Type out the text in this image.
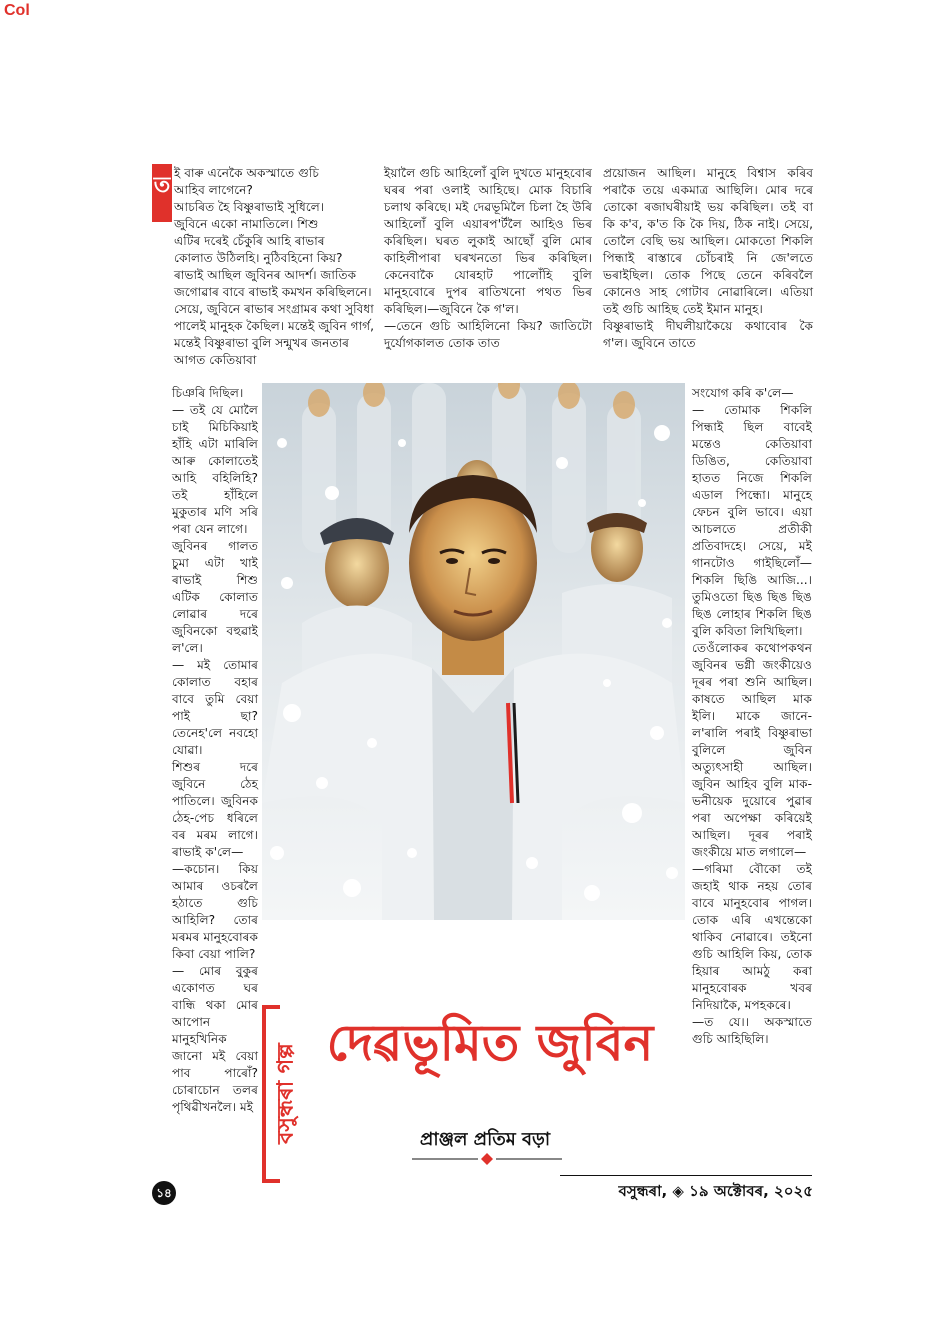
Col
ত ই বাৰু এনেকৈ অকস্মাতে গুচি
আহিব লাগেনে?
আচৰিত হৈ বিষ্ণুৰাভাই সুধিলে।
জুবিনে একো নামাতিলে। শিশু
এটিৰ দৰেই চেঁকুৰি আহি ৰাভাৰ
কোলাত উঠিলহি। নুঠিবহিনো কিয়?
ৰাভাই আছিল জুবিনৰ আদৰ্শ। জাতিক
জগোৱাৰ বাবে ৰাভাই কমখন কৰিছিলনে।
সেয়ে, জুবিনে ৰাভাৰ সংগ্ৰামৰ কথা সুবিধা
পালেই মানুহক কৈছিল। মন্তেই জুবিন গাৰ্গ,
মন্তেই বিষ্ণুৰাভা বুলি সন্মুখৰ জনতাৰ
আগত কেতিয়াবা

চিঞৰি দিছিল।
— তই যে মোলৈ চাই মিচিকিয়াই হাঁহি এটা মাৰিলি আৰু কোলাতেই আহি বহিলিহি? তই হাঁহিলে মুকুতাৰ মণি সৰি পৰা যেন লাগে।
জুবিনৰ গালত চুমা এটা খাই ৰাভাই শিশু এটিক কোলাত লোৱাৰ দৰে জুবিনকো বহুৱাই ল'লে।
— মই তোমাৰ কোলাত বহাৰ বাবে তুমি বেয়া পাই ছা? তেনেহ'লে নবহো যোৱা।
শিশুৰ দৰে জুবিনে ঠেহ পাতিলে। জুবিনক ঠেহ-পেচ ধৰিলে বৰ মৰম লাগে। ৰাভাই ক'লে—
—কচোন। কিয় আমাৰ ওচৰলৈ হঠাতে গুচি আহিলি? তোৰ মৰমৰ মানুহবোৰক কিবা বেয়া পালি?
— মোৰ বুকুৰ একোণত ঘৰ বান্ধি থকা মোৰ আপোন মানুহখিনিক জানো মই বেয়া পাব পাৰোঁ? চোৰাচোন তলৰ পৃথিৱীখনলৈ। মই

ইয়ালৈ গুচি আহিলোঁ বুলি দুখতে মানুহবোৰ ঘৰৰ পৰা ওলাই আহিছে। মোক বিচাৰি চলাথ কৰিছে। মই দেৱভূমিলৈ চিলা হৈ উৰি আহিলোঁ বুলি এয়াৰপ'ৰ্টলৈ আহিও ভিৰ কৰিছিল। ঘৰত লুকাই আছোঁ বুলি মোৰ কাহিলীপাৰা ঘৰখনতো ভিৰ কৰিছিল। কেনেবাকৈ যোৰহাট পালোঁহি বুলি মানুহবোৰে দুপৰ ৰাতিখনো পথত ভিৰ কৰিছিল।—জুবিনে কৈ গ'ল।
—তেনে গুচি আহিলিনো কিয়? জাতিটো দুৰ্যোগকালত তোক তাত

প্ৰয়োজন আছিল। মানুহে বিশ্বাস কৰিব পৰাকৈ তয়ে একমাত্ৰ আছিলি। মোৰ দৰে তোকো ৰজাঘৰীয়াই ভয় কৰিছিল। তই বা কি ক'ব, ক'ত কি কৈ দিয়, ঠিক নাই। সেয়ে, তোলৈ বেছি ভয় আছিল। মোকতো শিকলি পিন্ধাই ৰাস্তাৰে চোঁচৰাই নি জে'লতে ভৰাইছিল। তোক পিছে তেনে কৰিবলৈ কোনেও সাহ গোটাব নোৱাৰিলে। এতিয়া তই গুচি আহিছ তেই ইমান মানুহ।
বিষ্ণুৰাভাই দীঘলীয়াকৈয়ে কথাবোৰ কৈ গ'ল। জুবিনে তাতে

সংযোগ কৰি ক'লে—
— তোমাক শিকলি পিন্ধাই ছিল বাবেই মন্তেও কেতিয়াবা ডিঙিত, কেতিয়াবা হাতত নিজে শিকলি এডাল পিন্ধো। মানুহে ফেচন বুলি ভাবে। এয়া আচলতে প্ৰতীকী প্ৰতিবাদহে। সেয়ে, মই গানটোও গাইছিলোঁ— শিকলি ছিঙি আজি...। তুমিওতো ছিঙ ছিঙ ছিঙ ছিঙ লোহাৰ শিকলি ছিঙ বুলি কবিতা লিখিছিলা।
তেওঁলোকৰ কথোপকথন জুবিনৰ ভগ্নী জংকীয়েও দূৰৰ পৰা শুনি আছিল। কাষতে আছিল মাক ইলি। মাকে জানে-ল'ৰালি পৰাই বিষ্ণুৰাভা বুলিলে জুবিন অত্যুৎসাহী আছিল। জুবিন আহিব বুলি মাক-ভনীয়েক দুয়োৰে পুৱাৰ পৰা অপেক্ষা কৰিয়েই আছিল। দূৰৰ পৰাই জংকীয়ে মাত লগালে—
—গৰিমা বৌকো তই জহাই থাক নহয় তোৰ বাবে মানুহবোৰ পাগল। তোক এৰি এখন্তেকো থাকিব নোৱাৰে। তইনো গুচি আহিলি কিয়, তোক হিয়াৰ আমঠু কৰা মানুহবোৰক খবৰ নিদিয়াকৈ, মপহকৰে।
—ত যে।। অকস্মাতে গুচি আহিছিলি।

বসুন্ধৰা গল্প
দেৱভূমিত জুবিন
প্ৰাঞ্জল প্ৰতিম বড়া
বসুন্ধৰা, ◈ ১৯ অক্টোবৰ, ২০২৫
১৪
